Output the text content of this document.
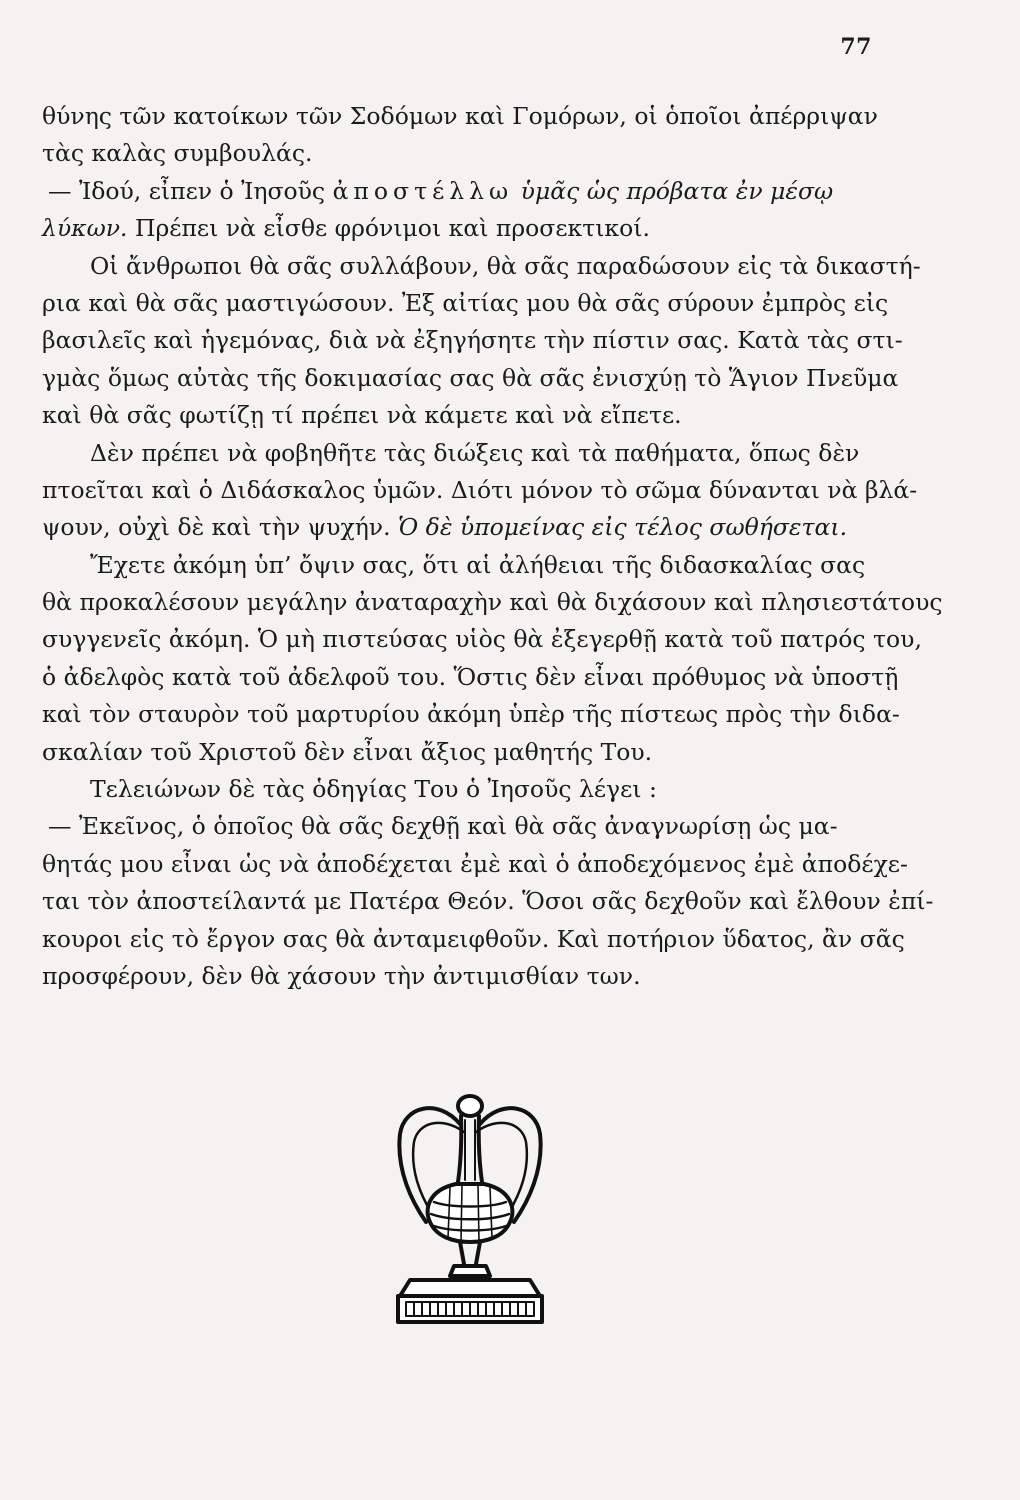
77
θύνης τῶν κατοίκων τῶν Σοδόμων καὶ Γομόρων, οἱ ὁποῖοι ἀπέρριψαν
τὰς καλὰς συμβουλάς.
— Ἰδού, εἶπεν ὁ Ἰησοῦς ἀποστέλλω ὑμᾶς ὡς πρόβατα ἐν μέσῳ
λύκων. Πρέπει νὰ εἶσθε φρόνιμοι καὶ προσεκτικοί.
Οἱ ἄνθρωποι θὰ σᾶς συλλάβουν, θὰ σᾶς παραδώσουν εἰς τὰ δικαστή-
ρια καὶ θὰ σᾶς μαστιγώσουν. Ἐξ αἰτίας μου θὰ σᾶς σύρουν ἐμπρὸς εἰς
βασιλεῖς καὶ ἡγεμόνας, διὰ νὰ ἐξηγήσητε τὴν πίστιν σας. Κατὰ τὰς στι-
γμὰς ὅμως αὐτὰς τῆς δοκιμασίας σας θὰ σᾶς ἐνισχύῃ τὸ Ἅγιον Πνεῦμα
καὶ θὰ σᾶς φωτίζῃ τί πρέπει νὰ κάμετε καὶ νὰ εἴπετε.
Δὲν πρέπει νὰ φοβηθῆτε τὰς διώξεις καὶ τὰ παθήματα, ὅπως δὲν
πτοεῖται καὶ ὁ Διδάσκαλος ὑμῶν. Διότι μόνον τὸ σῶμα δύνανται νὰ βλά-
ψουν, οὐχὶ δὲ καὶ τὴν ψυχήν. Ὁ δὲ ὑπομείνας εἰς τέλος σωθήσεται.
Ἔχετε ἀκόμη ὑπ’ ὄψιν σας, ὅτι αἱ ἀλήθειαι τῆς διδασκαλίας σας
θὰ προκαλέσουν μεγάλην ἀναταραχὴν καὶ θὰ διχάσουν καὶ πλησιεστάτους
συγγενεῖς ἀκόμη. Ὁ μὴ πιστεύσας υἱὸς θὰ ἐξεγερθῇ κατὰ τοῦ πατρός του,
ὁ ἀδελφὸς κατὰ τοῦ ἀδελφοῦ του. Ὅστις δὲν εἶναι πρόθυμος νὰ ὑποστῇ
καὶ τὸν σταυρὸν τοῦ μαρτυρίου ἀκόμη ὑπὲρ τῆς πίστεως πρὸς τὴν διδα-
σκαλίαν τοῦ Χριστοῦ δὲν εἶναι ἄξιος μαθητής Του.
Τελειώνων δὲ τὰς ὁδηγίας Του ὁ Ἰησοῦς λέγει :
— Ἐκεῖνος, ὁ ὁποῖος θὰ σᾶς δεχθῇ καὶ θὰ σᾶς ἀναγνωρίσῃ ὡς μα-
θητάς μου εἶναι ὡς νὰ ἀποδέχεται ἐμὲ καὶ ὁ ἀποδεχόμενος ἐμὲ ἀποδέχε-
ται τὸν ἀποστείλαντά με Πατέρα Θεόν. Ὅσοι σᾶς δεχθοῦν καὶ ἔλθουν ἐπί-
κουροι εἰς τὸ ἔργον σας θὰ ἀνταμειφθοῦν. Καὶ ποτήριον ὕδατος, ἂν σᾶς
προσφέρουν, δὲν θὰ χάσουν τὴν ἀντιμισθίαν των.
